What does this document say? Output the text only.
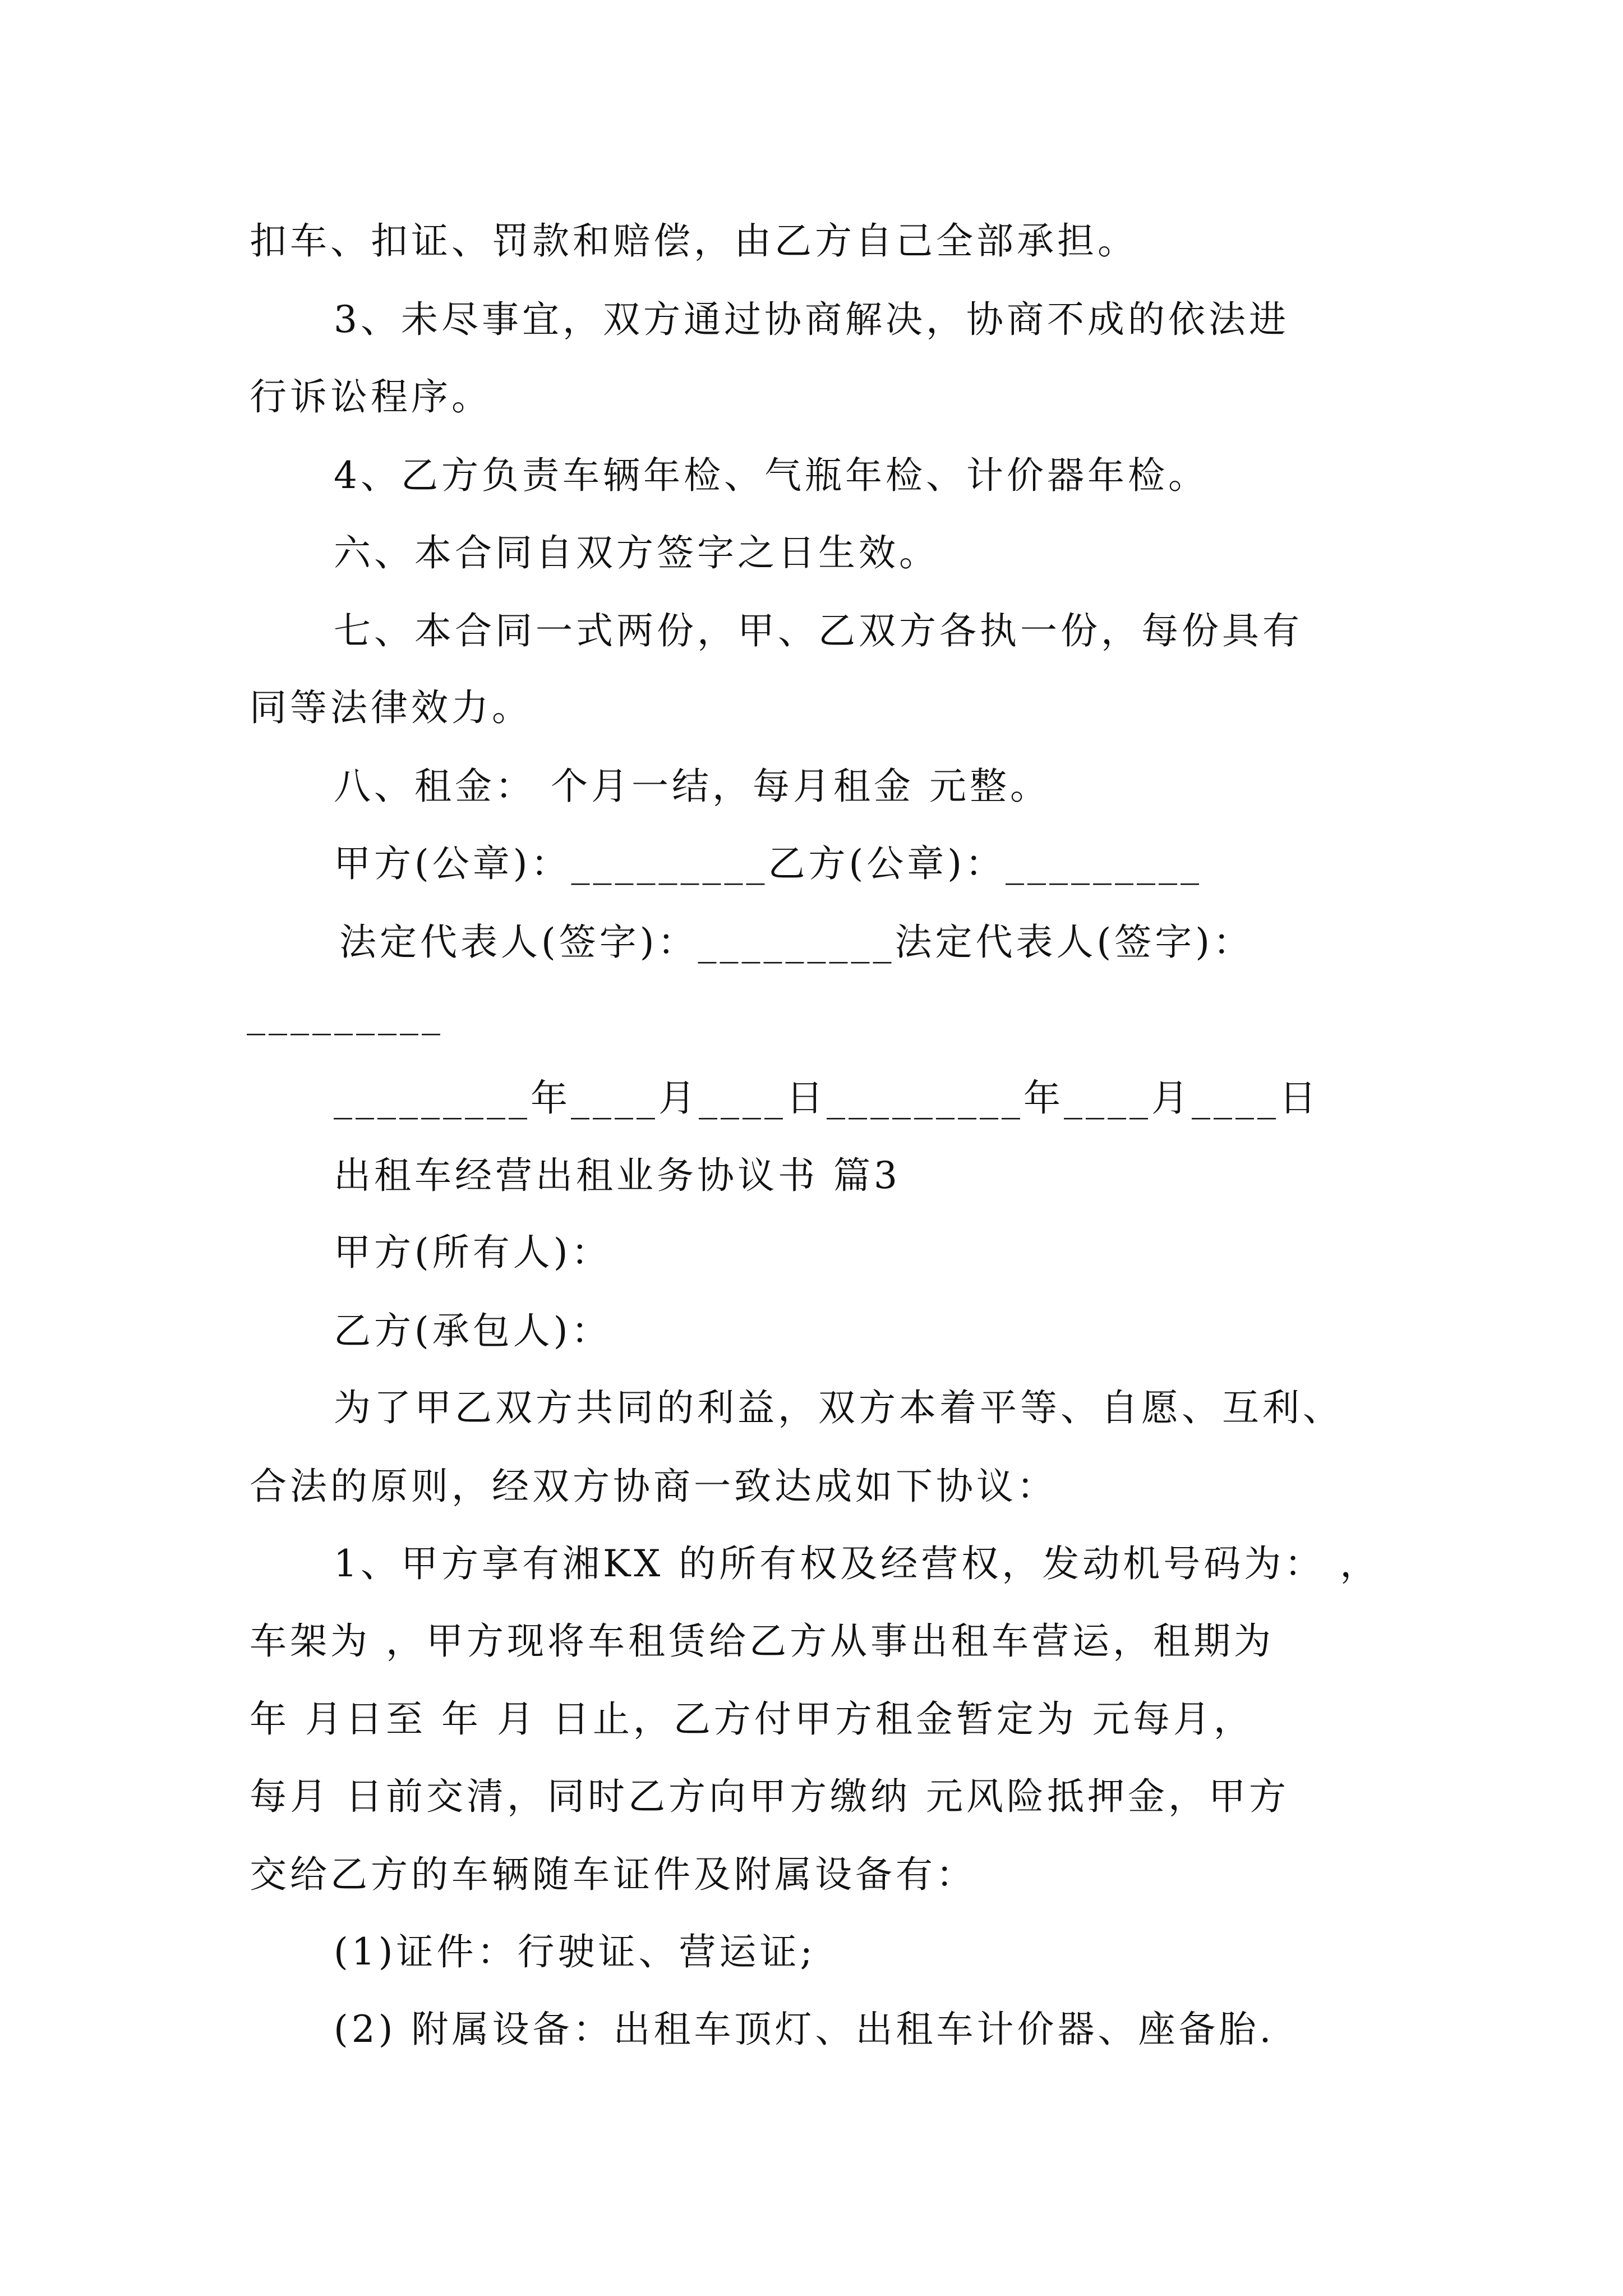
扣车、扣证、罚款和赔偿，由乙方自己全部承担。
3、未尽事宜，双方通过协商解决，协商不成的依法进
行诉讼程序。
4、乙方负责车辆年检、气瓶年检、计价器年检。
六、本合同自双方签字之日生效。
七、本合同一式两份，甲、乙双方各执一份，每份具有
同等法律效力。
八、租金： 个月一结，每月租金 元整。
甲方(公章)：_________乙方(公章)：_________
法定代表人(签字)：_________法定代表人(签字)：
_________
_________年____月____日_________年____月____日
出租车经营出租业务协议书 篇3
甲方(所有人)：
乙方(承包人)：
为了甲乙双方共同的利益，双方本着平等、自愿、互利、
合法的原则，经双方协商一致达成如下协议：
1、甲方享有湘KX 的所有权及经营权，发动机号码为： ，
车架为 ，甲方现将车租赁给乙方从事出租车营运，租期为
年 月日至 年 月 日止，乙方付甲方租金暂定为 元每月，
每月 日前交清，同时乙方向甲方缴纳 元风险抵押金，甲方
交给乙方的车辆随车证件及附属设备有：
(1)证件：行驶证、营运证;
(2) 附属设备：出租车顶灯、出租车计价器、座备胎.
